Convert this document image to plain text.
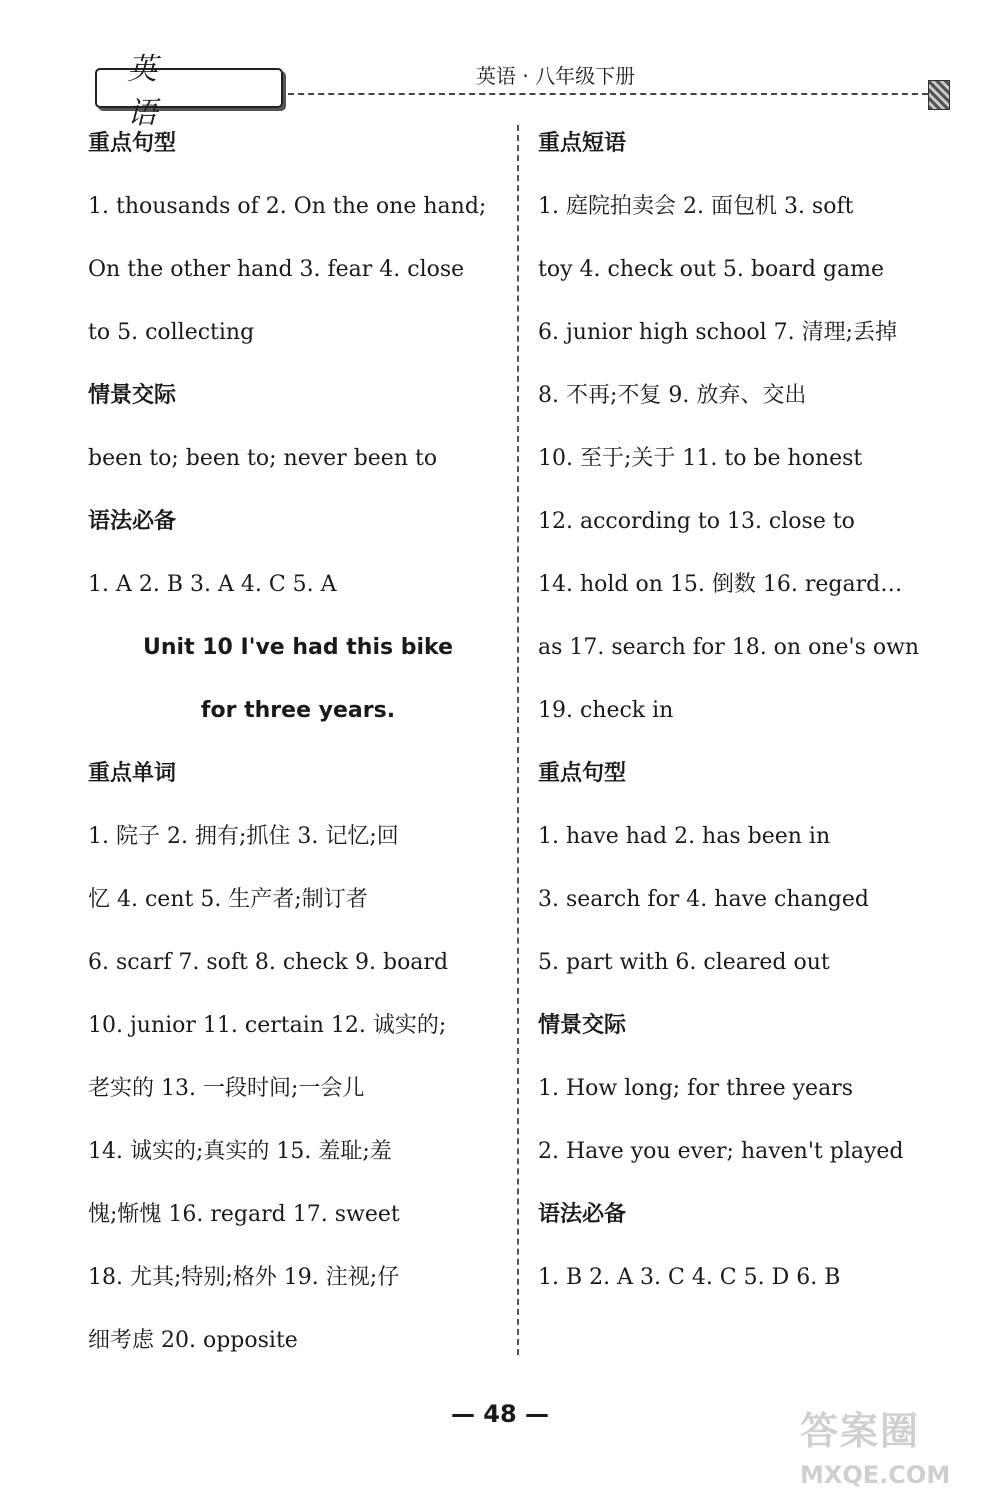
英 语
英语 · 八年级下册
重点句型
1. thousands of 2. On the one hand;
On the other hand 3. fear 4. close
to 5. collecting
情景交际
been to; been to; never been to
语法必备
1. A 2. B 3. A 4. C 5. A
Unit 10 I've had this bike
for three years.
重点单词
1. 院子 2. 拥有;抓住 3. 记忆;回
忆 4. cent 5. 生产者;制订者
6. scarf 7. soft 8. check 9. board
10. junior 11. certain 12. 诚实的;
老实的 13. 一段时间;一会儿
14. 诚实的;真实的 15. 羞耻;羞
愧;惭愧 16. regard 17. sweet
18. 尤其;特别;格外 19. 注视;仔
细考虑 20. opposite
重点短语
1. 庭院拍卖会 2. 面包机 3. soft
toy 4. check out 5. board game
6. junior high school 7. 清理;丢掉
8. 不再;不复 9. 放弃、交出
10. 至于;关于 11. to be honest
12. according to 13. close to
14. hold on 15. 倒数 16. regard…
as 17. search for 18. on one's own
19. check in
重点句型
1. have had 2. has been in
3. search for 4. have changed
5. part with 6. cleared out
情景交际
1. How long; for three years
2. Have you ever; haven't played
语法必备
1. B 2. A 3. C 4. C 5. D 6. B
— 48 —	答案圈
MXQE.COM
